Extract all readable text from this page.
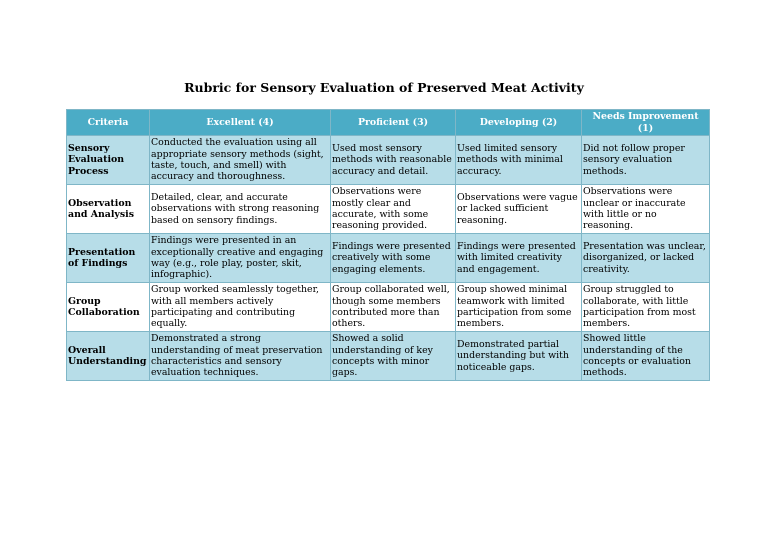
Rubric for Sensory Evaluation of Preserved Meat Activity
Criteria	Excellent (4)	Proficient (3)	Developing (2)	Needs Improvement (1)
Sensory Evaluation Process	Conducted the evaluation using all appropriate sensory methods (sight, taste, touch, and smell) with accuracy and thoroughness.	Used most sensory methods with reasonable accuracy and detail.	Used limited sensory methods with minimal accuracy.	Did not follow proper sensory evaluation methods.
Observation and Analysis	Detailed, clear, and accurate observations with strong reasoning based on sensory findings.	Observations were mostly clear and accurate, with some reasoning provided.	Observations were vague or lacked sufficient reasoning.	Observations were unclear or inaccurate with little or no reasoning.
Presentation of Findings	Findings were presented in an exceptionally creative and engaging way (e.g., role play, poster, skit, infographic).	Findings were presented creatively with some engaging elements.	Findings were presented with limited creativity and engagement.	Presentation was unclear, disorganized, or lacked creativity.
Group Collaboration	Group worked seamlessly together, with all members actively participating and contributing equally.	Group collaborated well, though some members contributed more than others.	Group showed minimal teamwork with limited participation from some members.	Group struggled to collaborate, with little participation from most members.
Overall Understanding	Demonstrated a strong understanding of meat preservation characteristics and sensory evaluation techniques.	Showed a solid understanding of key concepts with minor gaps.	Demonstrated partial understanding but with noticeable gaps.	Showed little understanding of the concepts or evaluation methods.
